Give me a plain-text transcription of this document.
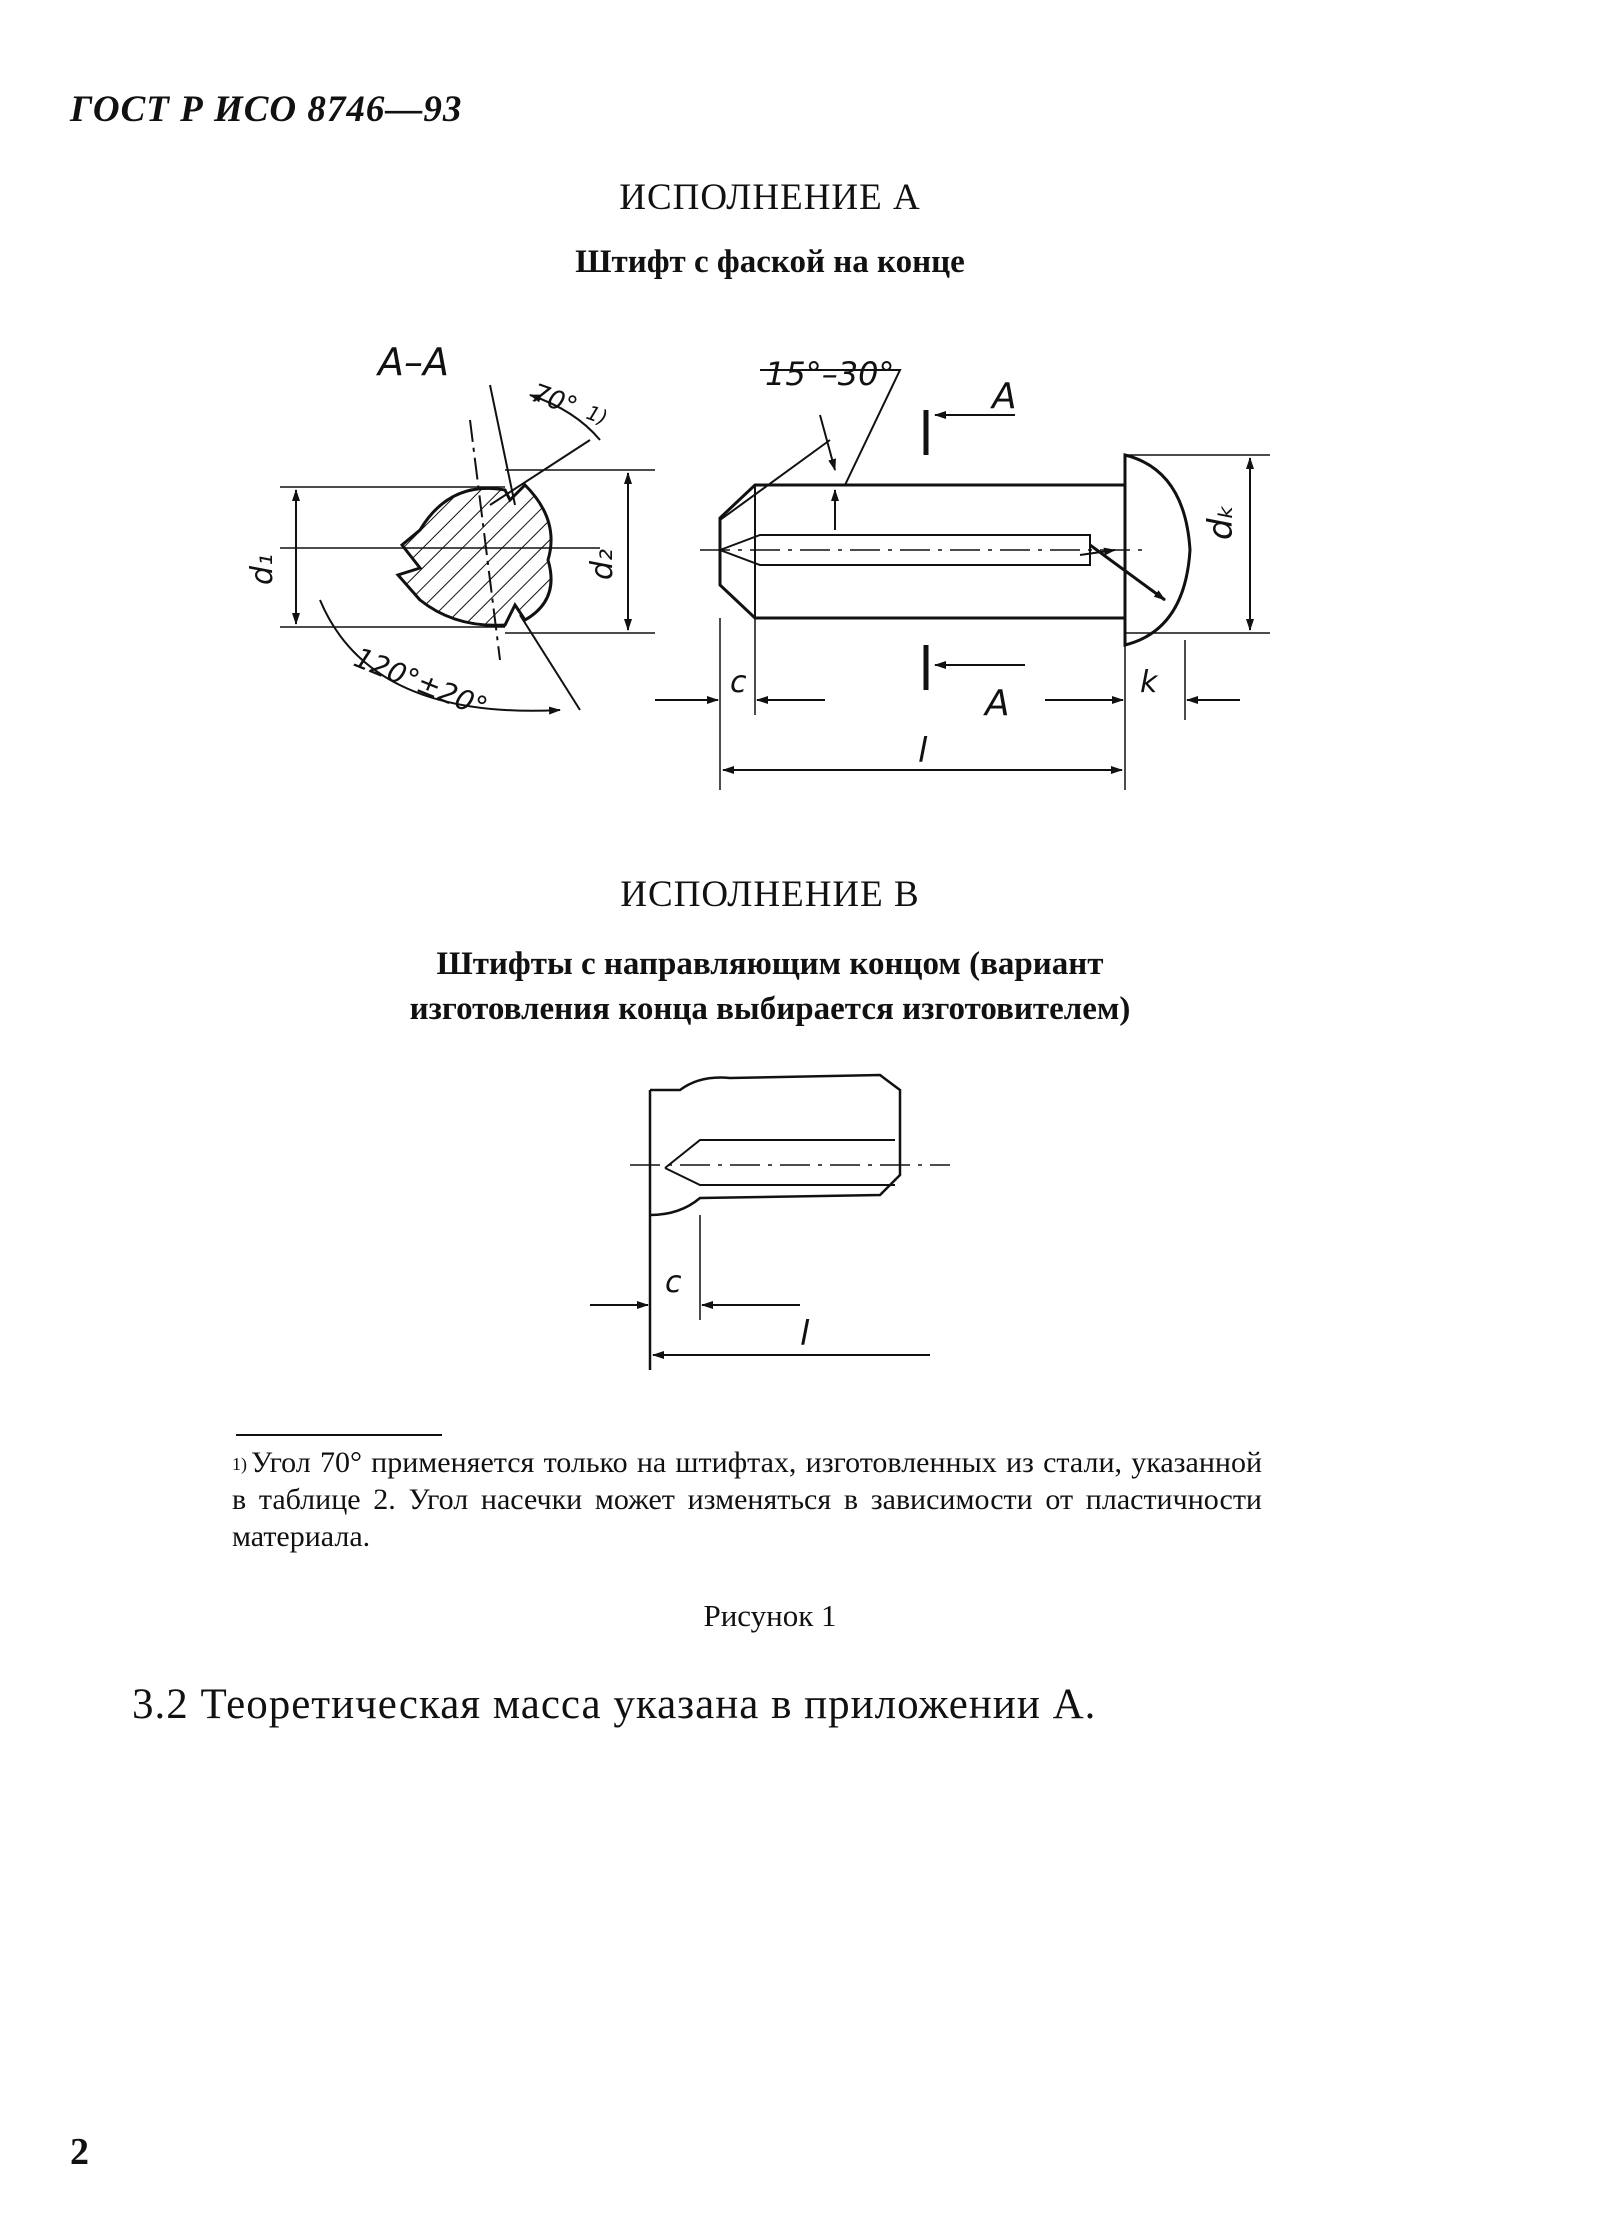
ГОСТ Р ИСО 8746—93
ИСПОЛНЕНИЕ А
Штифт с фаской на конце
А–А
70° 1)
120°±20°
d₁	d₂
15°–30°
А
А
dₖ
c	k
l
c
l
ИСПОЛНЕНИЕ В
Штифты с направляющим концом (вариант
изготовления конца выбирается изготовителем)
$^{1)}$ Угол 70° применяется только на штифтах, изготовленных из стали, указанной в таблице 2. Угол насечки может изменяться в зависимости от пластичности материала.
Рисунок 1
3.2 Теоретическая масса указана в приложении А.
2
